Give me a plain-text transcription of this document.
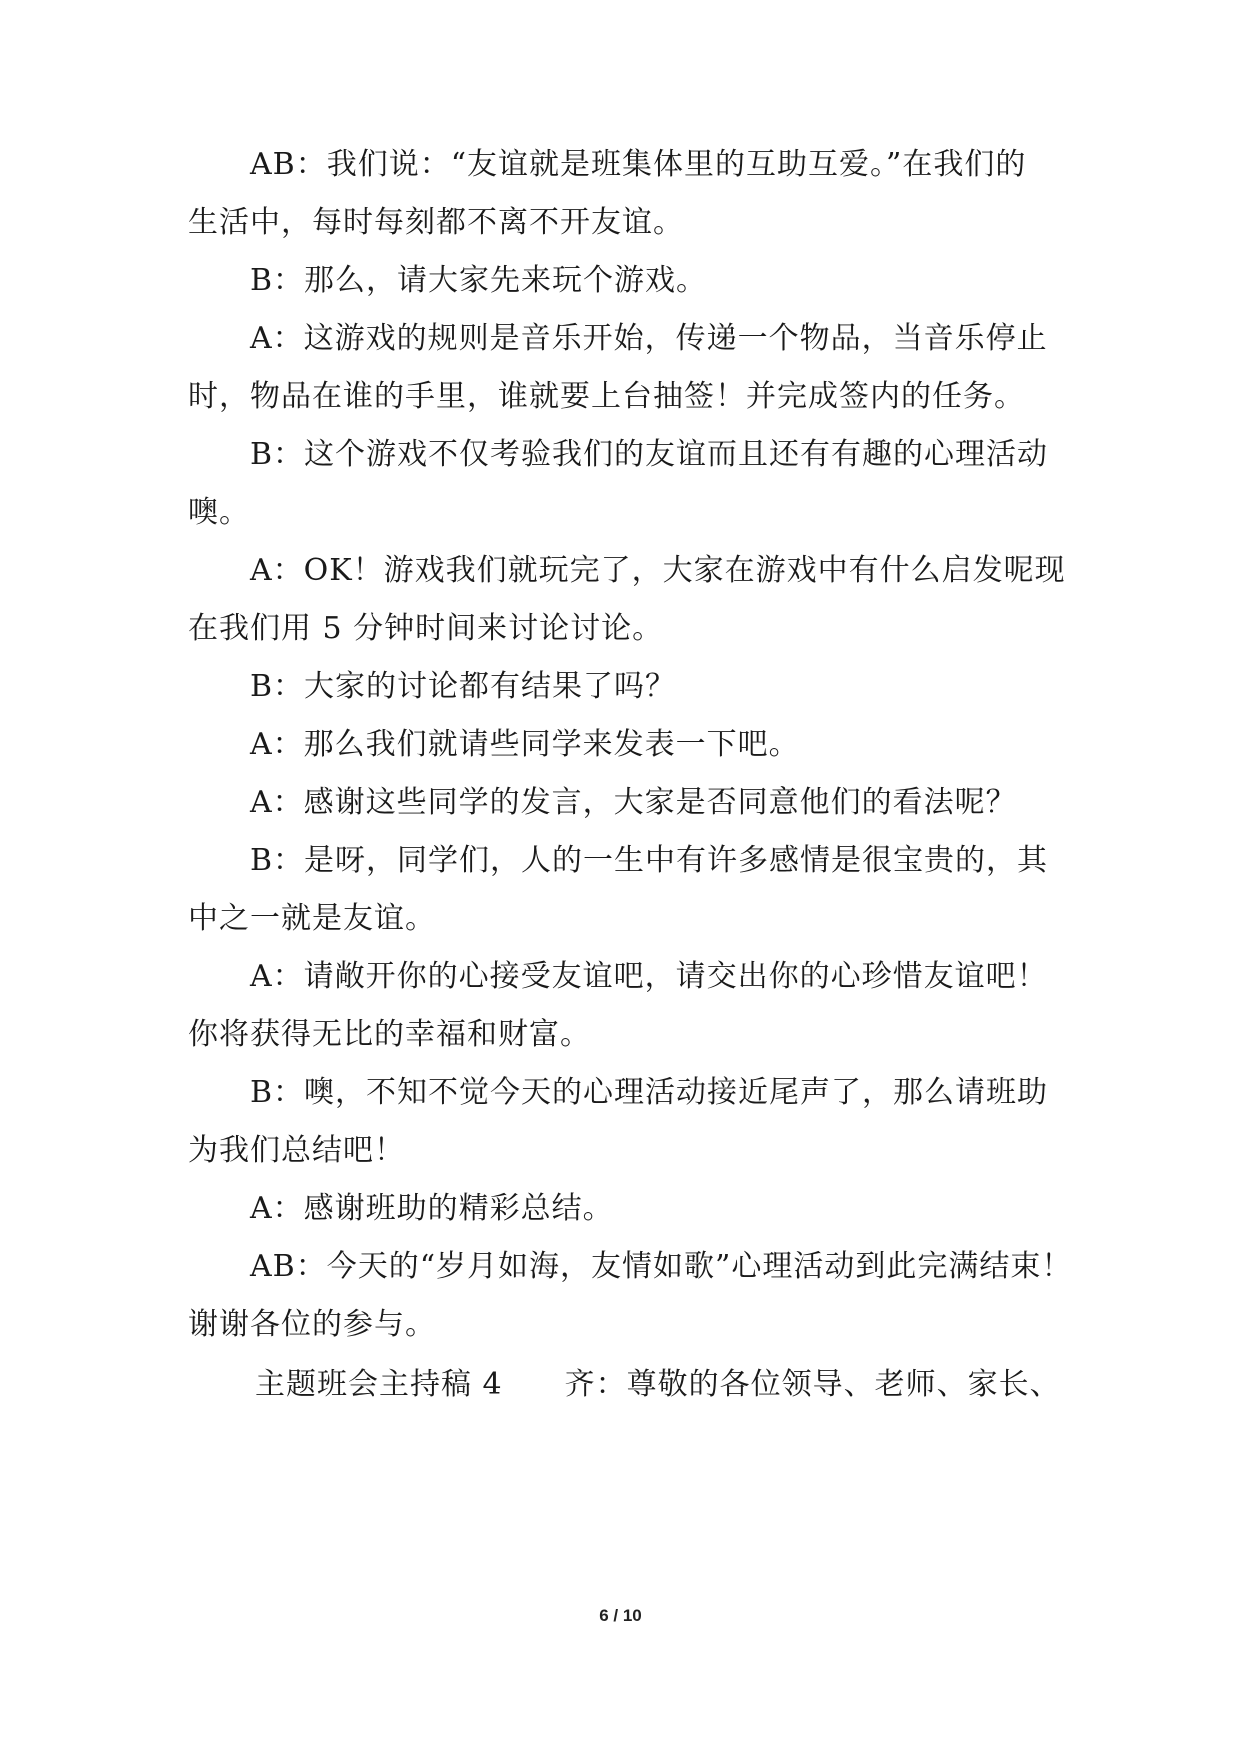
AB：我们说：“友谊就是班集体里的互助互爱。”在我们的
生活中，每时每刻都不离不开友谊。
B：那么，请大家先来玩个游戏。
A：这游戏的规则是音乐开始，传递一个物品，当音乐停止
时，物品在谁的手里，谁就要上台抽签！并完成签内的任务。
B：这个游戏不仅考验我们的友谊而且还有有趣的心理活动
噢。
A：OK！游戏我们就玩完了，大家在游戏中有什么启发呢现
在我们用 5 分钟时间来讨论讨论。
B：大家的讨论都有结果了吗？
A：那么我们就请些同学来发表一下吧。
A：感谢这些同学的发言，大家是否同意他们的看法呢？
B：是呀，同学们，人的一生中有许多感情是很宝贵的，其
中之一就是友谊。
A：请敞开你的心接受友谊吧，请交出你的心珍惜友谊吧！
你将获得无比的幸福和财富。
B：噢，不知不觉今天的心理活动接近尾声了，那么请班助
为我们总结吧！
A：感谢班助的精彩总结。
AB：今天的“岁月如海，友情如歌”心理活动到此完满结束！
谢谢各位的参与。
主题班会主持稿 4　　齐：尊敬的各位领导、老师、家长、
6 / 10
